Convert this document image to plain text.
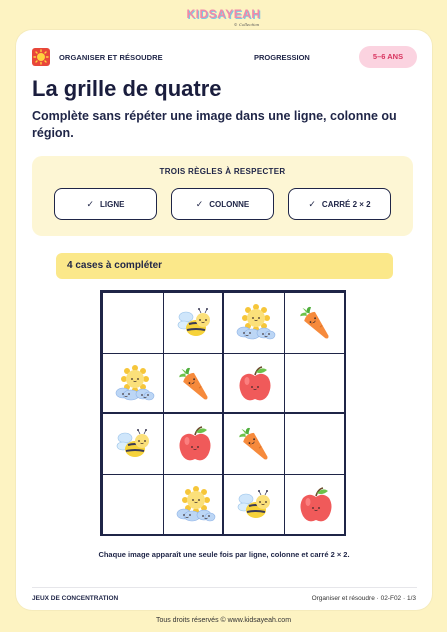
KIDSAYEAH
© Collection
ORGANISER ET RÉSOUDRE	PROGRESSION	5–6 ANS
La grille de quatre

Complète sans répéter une image dans une ligne, colonne ou région.

TROIS RÈGLES À RESPECTER
✓ LIGNE	✓ COLONNE	✓ CARRÉ 2 × 2
4 cases à compléter
Chaque image apparaît une seule fois par ligne, colonne et carré 2 × 2.
JEUX DE CONCENTRATION	Organiser et résoudre · 02-F02 · 1/3
Tous droits réservés © www.kidsayeah.com
